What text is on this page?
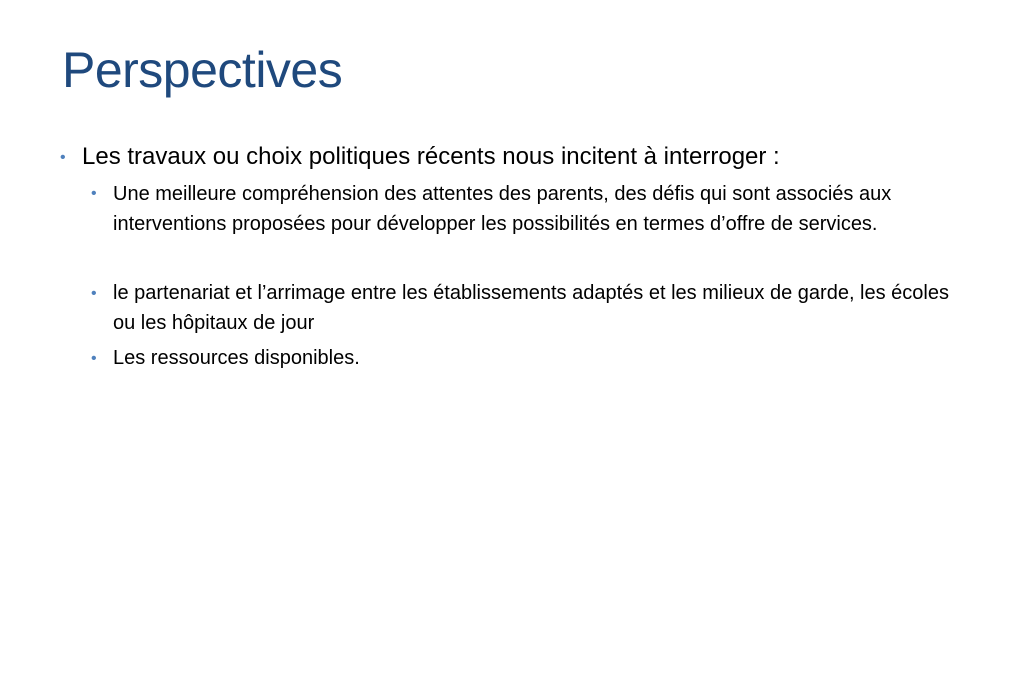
Perspectives
• Les travaux ou choix politiques récents nous incitent à interroger :
• Une meilleure compréhension des attentes des parents, des défis qui sont associés aux interventions proposées pour développer les possibilités en termes d’offre de services.
• le partenariat et l’arrimage entre les établissements adaptés et les milieux de garde, les écoles ou les hôpitaux de jour
• Les ressources disponibles.
